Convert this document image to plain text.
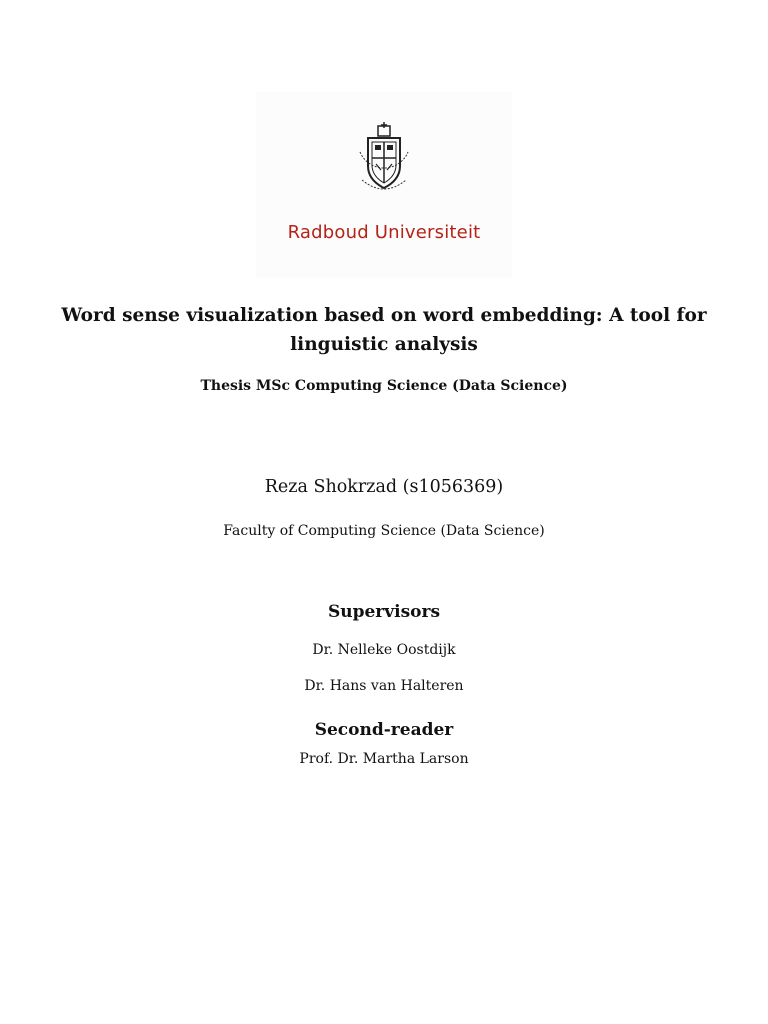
Radboud Universiteit
Word sense visualization based on word embedding: A tool for linguistic analysis
Thesis MSc Computing Science (Data Science)
Reza Shokrzad (s1056369)
Faculty of Computing Science (Data Science)
Supervisors
Dr. Nelleke Oostdijk
Dr. Hans van Halteren
Second-reader
Prof. Dr. Martha Larson
